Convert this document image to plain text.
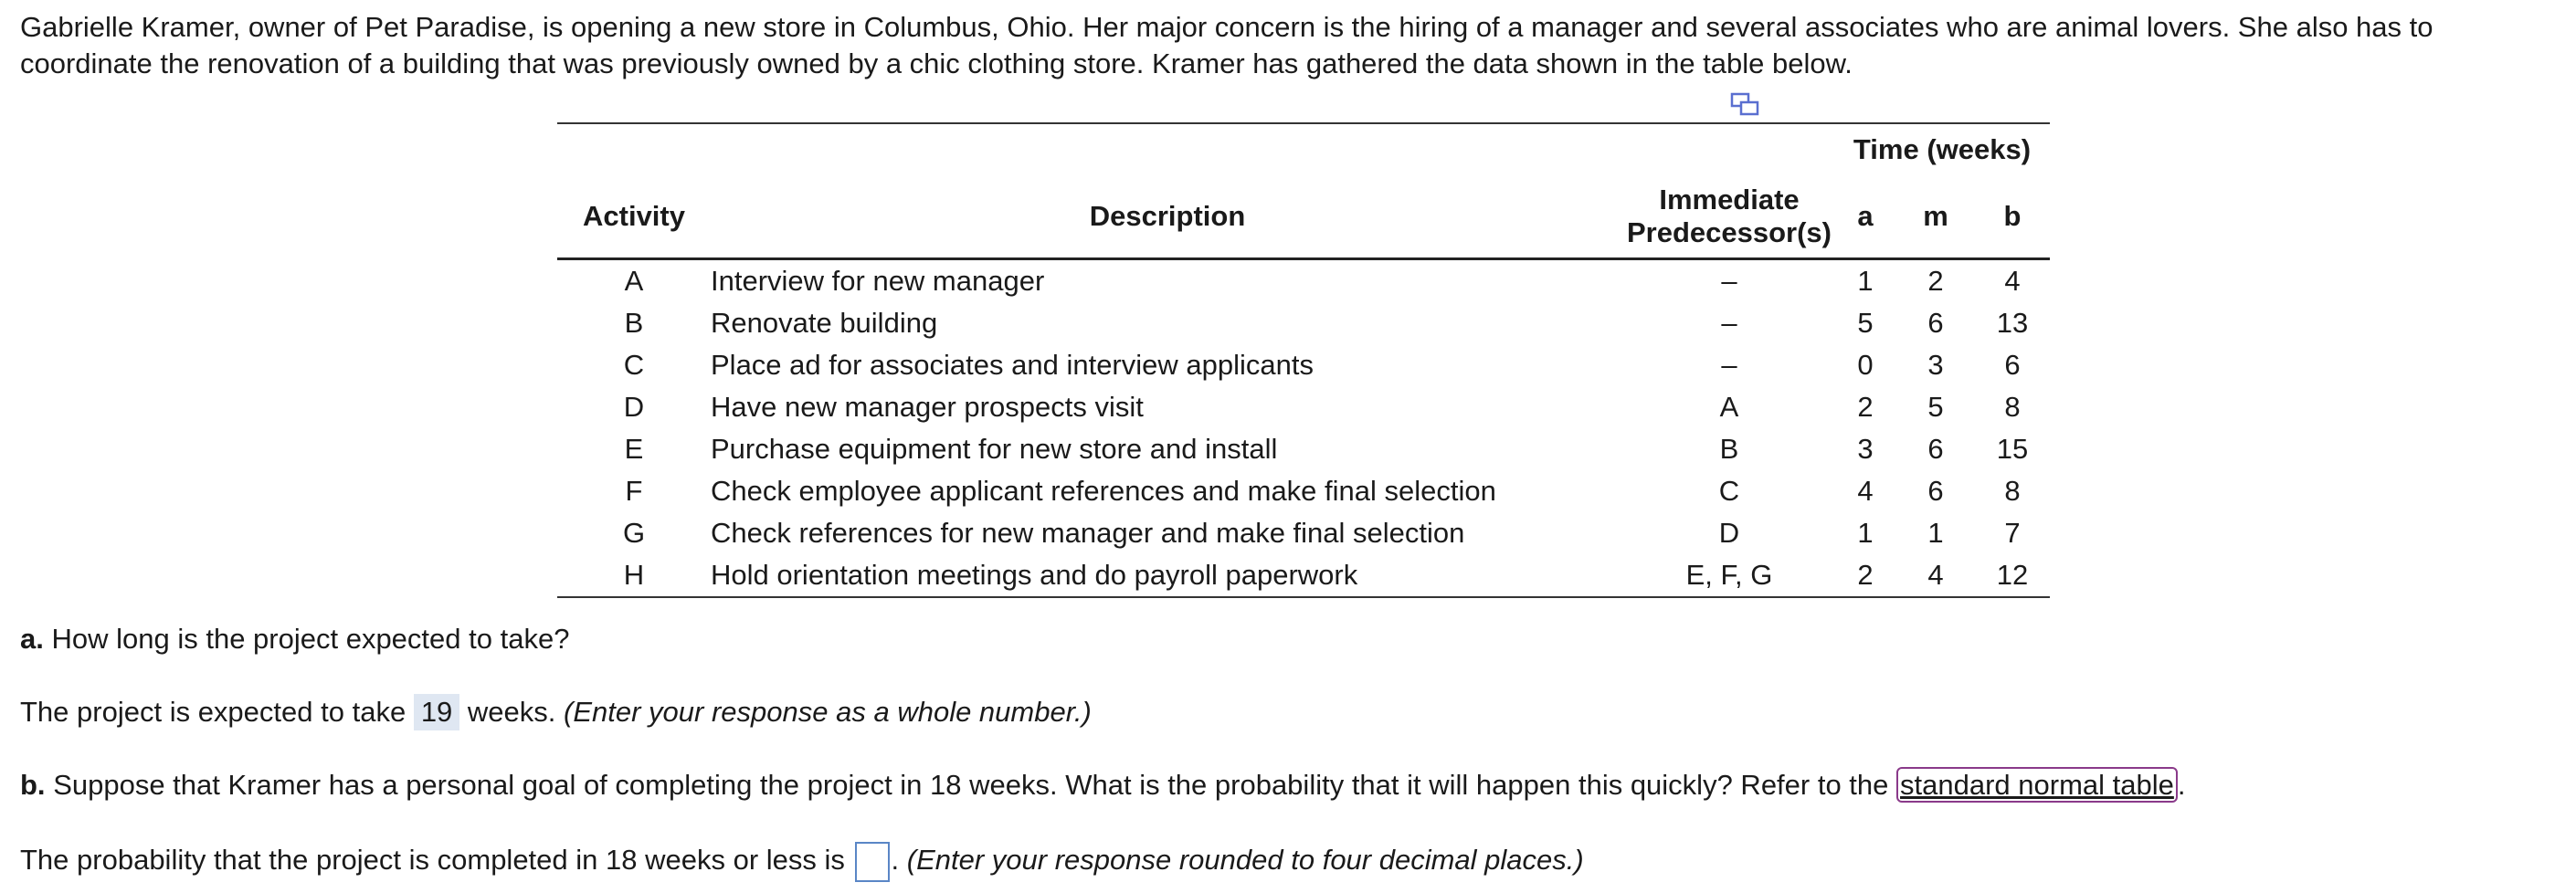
Gabrielle Kramer, owner of Pet Paradise, is opening a new store in Columbus, Ohio. Her major concern is the hiring of a manager and several associates who are animal lovers. She also has to coordinate the renovation of a building that was previously owned by a chic clothing store. Kramer has gathered the data shown in the table below.
			Time (weeks)		
Activity	Description	Immediate
Predecessor(s)	a	m	b
A	Interview for new manager	–	1	2	4
B	Renovate building	–	5	6	13
C	Place ad for associates and interview applicants	–	0	3	6
D	Have new manager prospects visit	A	2	5	8
E	Purchase equipment for new store and install	B	3	6	15
F	Check employee applicant references and make final selection	C	4	6	8
G	Check references for new manager and make final selection	D	1	1	7
H	Hold orientation meetings and do payroll paperwork	E, F, G	2	4	12
a. How long is the project expected to take?
The project is expected to take 19 weeks. (Enter your response as a whole number.)
b. Suppose that Kramer has a personal goal of completing the project in 18 weeks. What is the probability that it will happen this quickly? Refer to the standard normal table .
The probability that the project is completed in 18 weeks or less is . (Enter your response rounded to four decimal places.)
